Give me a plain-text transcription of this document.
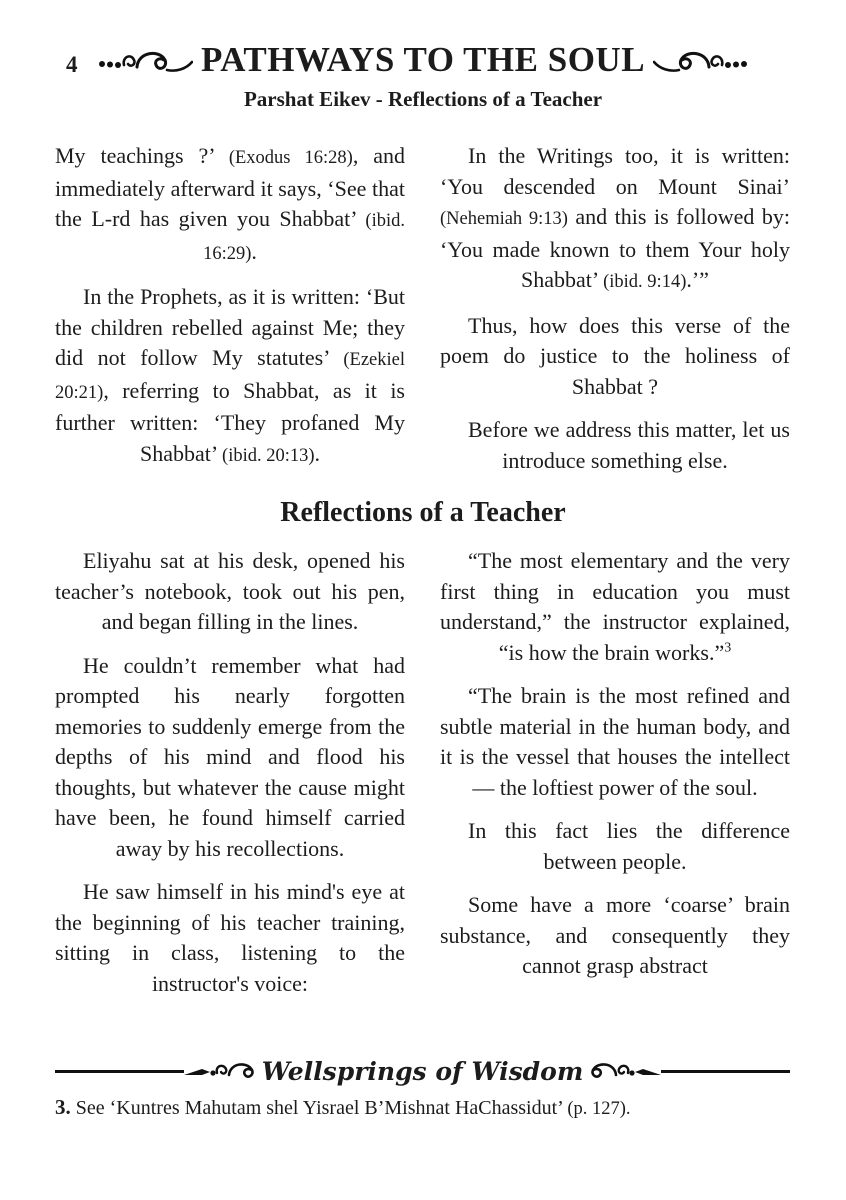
4	PATHWAYS TO THE SOUL
Parshat Eikev - Reflections of a Teacher

My teachings ?’ (Exodus 16:28), and immediately afterward it says, ‘See that the L-rd has given you Shabbat’ (ibid. 16:29).

In the Prophets, as it is written: ‘But the children rebelled against Me; they did not follow My statutes’ (Ezekiel 20:21), referring to Shabbat, as it is further written: ‘They profaned My Shabbat’ (ibid. 20:13).

In the Writings too, it is written: ‘You descended on Mount Sinai’ (Nehemiah 9:13) and this is followed by: ‘You made known to them Your holy Shabbat’ (ibid. 9:14).’”

Thus, how does this verse of the poem do justice to the holiness of Shabbat ?

Before we address this matter, let us introduce something else.

Reflections of a Teacher

Eliyahu sat at his desk, opened his teacher’s notebook, took out his pen, and began filling in the lines.

He couldn’t remember what had prompted his nearly forgotten memories to suddenly emerge from the depths of his mind and flood his thoughts, but whatever the cause might have been, he found himself carried away by his recollections.

He saw himself in his mind's eye at the beginning of his teacher training, sitting in class, listening to the instructor's voice:

“The most elementary and the very first thing in education you must understand,” the instructor explained, “is how the brain works.”$^3$

“The brain is the most refined and subtle material in the human body, and it is the vessel that houses the intellect — the loftiest power of the soul.

In this fact lies the difference between people.

Some have a more ‘coarse’ brain substance, and consequently they cannot grasp abstract

Wellsprings of Wisdom
3. See ‘Kuntres Mahutam shel Yisrael B’Mishnat HaChassidut’ (p. 127).
